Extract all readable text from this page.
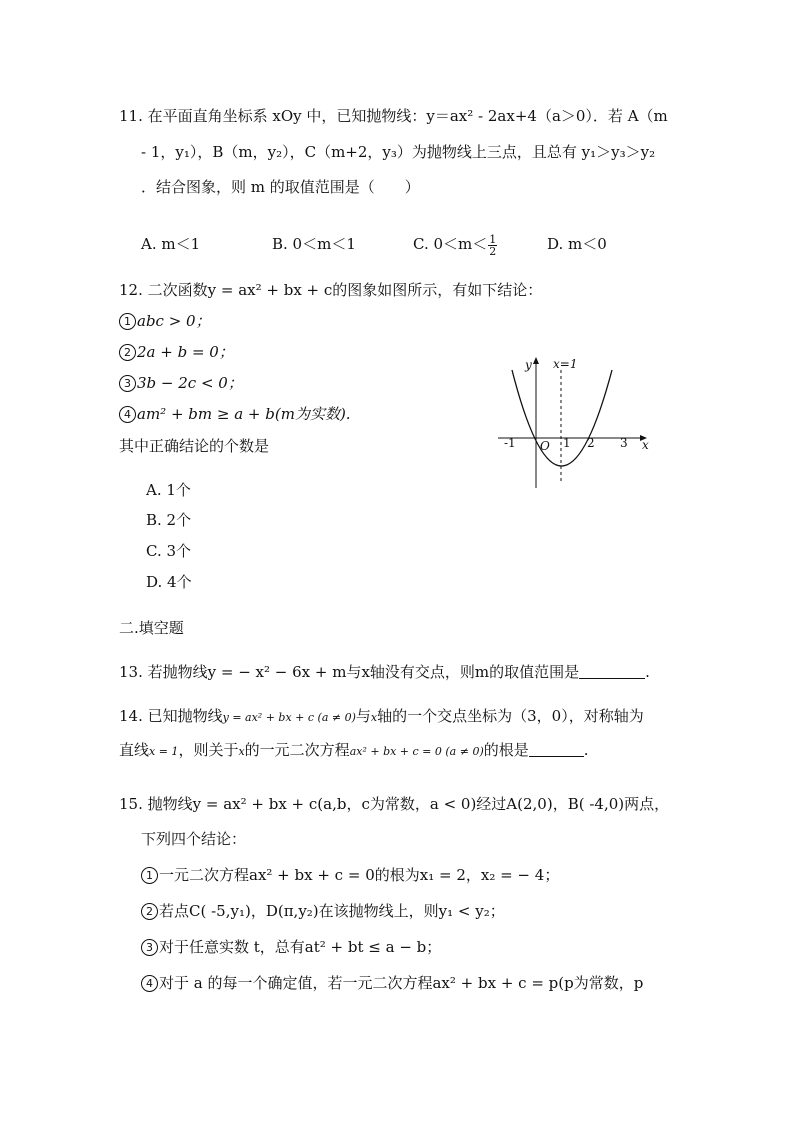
11. 在平面直角坐标系 xOy 中，已知抛物线：y＝ax² - 2ax+4（a＞0）．若 A（m
- 1，y₁），B（m，y₂），C（m+2，y₃）为抛物线上三点，且总有 y₁＞y₃＞y₂
．结合图象，则 m 的取值范围是（　　）
A. m＜1	B. 0＜m＜1	C. $0<m< \frac{1}{2}$	D. m＜0
12. 二次函数y = ax² + bx + c的图象如图所示，有如下结论：
1 abc > 0；
2 2a + b = 0；
3 3b − 2c < 0；
4 am² + bm ≥ a + b(m为实数).
其中正确结论的个数是
A. 1个
B. 2个
C. 3个
D. 4个
y x=1
x
O
-1	1 2 3
二.填空题
13. 若抛物线y = − x² − 6x + m与x轴没有交点，则m的取值范围是	.
14. 已知抛物线y = ax² + bx + c (a ≠ 0)与x轴的一个交点坐标为（3，0），对称轴为
直线x = 1，则关于x的一元二次方程ax² + bx + c = 0 (a ≠ 0)的根是	.
15. 抛物线y = ax² + bx + c(a,b，c为常数，a < 0)经过A(2,0)，B( -4,0)两点，
下列四个结论：
1 一元二次方程ax² + bx + c = 0的根为x₁ = 2，x₂ = − 4；
2 若点C( -5,y₁)，D(π,y₂)在该抛物线上，则y₁ < y₂；
3 对于任意实数 t，总有at² + bt ≤ a − b；
4 对于 a 的每一个确定值，若一元二次方程ax² + bx + c = p(p为常数，p
